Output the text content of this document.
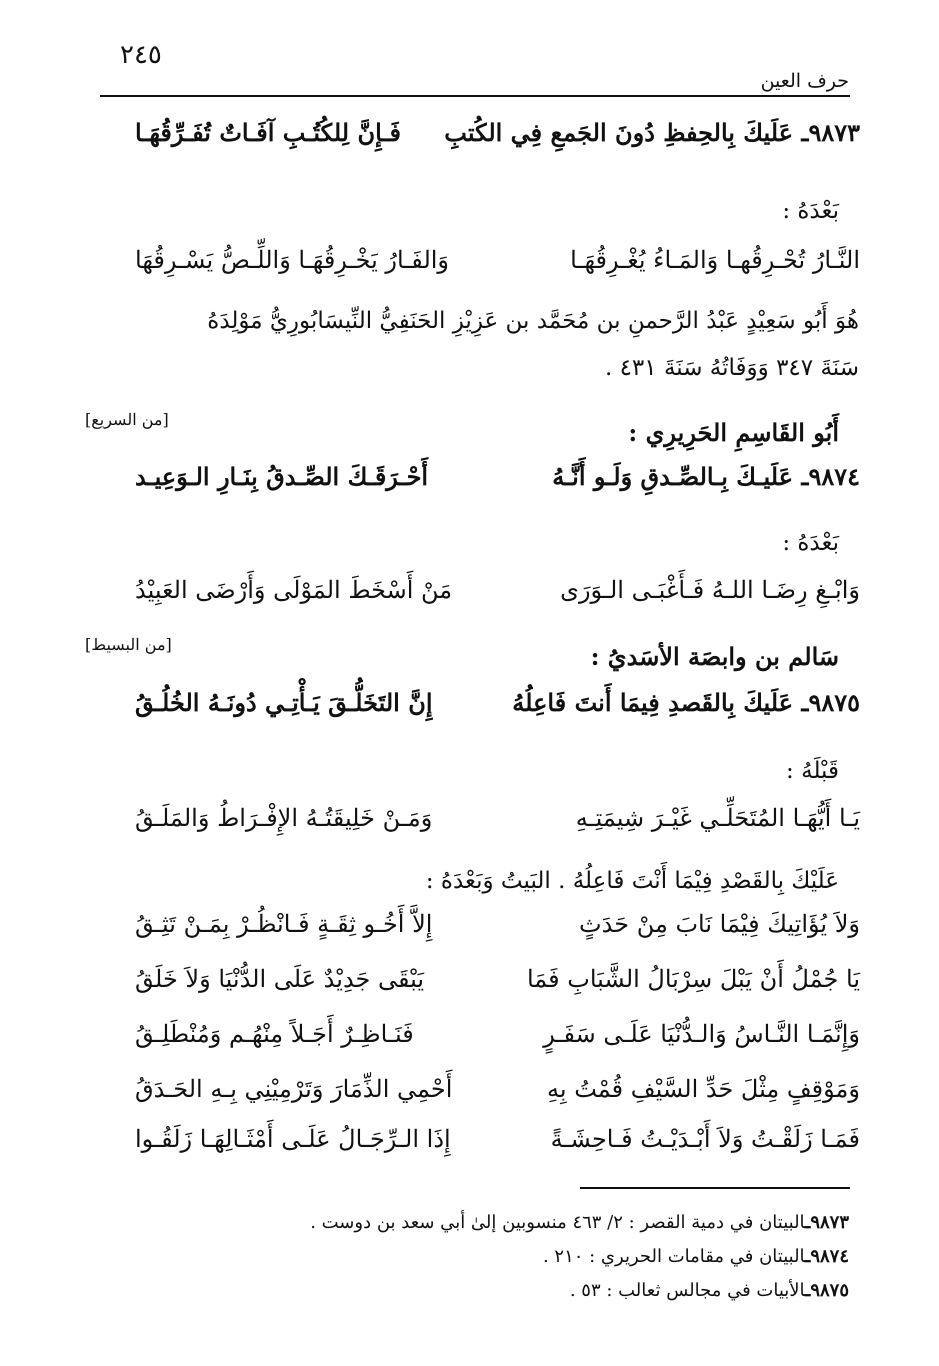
٢٤٥
حرف العين
٩٨٧٣ـ عَلَيكَ بِالحِفظِ دُونَ الجَمعِ فِي الكُتبِ
فَـإِنَّ لِلكُتُـبِ آفَـاتٌ تُفَـرِّقُهَـا
بَعْدَهُ :
النَّـارُ تُحْـرِقُهـا وَالمَـاءُ يُغْـرِقُهَـا
وَالفَـارُ يَخْـرِقُهَـا وَاللِّـصُّ يَسْـرِقُهَا
هُوَ أَبُو سَعِيْدٍ عَبْدُ الرَّحمنِ بن مُحَمَّد بن عَزِيْزِ الحَنَفِيُّ النِّيسَابُورِيُّ مَوْلِدَهُ
سَنَةَ ٣٤٧ وَوَفَاتُهُ سَنَةَ ٤٣١ .
[من السريع]	أَبُو القَاسِمِ الحَرِيرِي :
٩٨٧٤ـ عَلَيـكَ بِـالصِّـدقِ وَلَـو أَنَّـهُ
أَحْـرَقَـكَ الصِّـدقُ بِنَـارِ الـوَعِيـد
بَعْدَهُ :
وَابْـغِ رِضَـا اللـهُ فَـأَغْبَـى الـوَرَى
مَنْ أَسْخَطَ المَوْلَى وَأَرْضَى العَبِيْدُ
[من البسيط]	سَالم بن وابصَة الأسَديُ :
٩٨٧٥ـ عَلَيكَ بِالقَصدِ فِيمَا أَنتَ فَاعِلُهُ
إِنَّ التَخَلُّـقَ يَـأْتِـي دُونَـهُ الخُلُـقُ
قَبْلَهُ :
يَـا أَيُّهَـا المُتَحَلِّـي غَيْـرَ شِيمَتِـهِ
وَمَـنْ خَلِيقَتُـهُ الإِفْـرَاطُ وَالمَلَـقُ
عَلَيْكَ بِالقَصْدِ فِيْمَا أَنْتَ فَاعِلُهُ . البَيتُ وَبَعْدَهُ :
وَلاَ يُؤَاتِيكَ فِيْمَا نَابَ مِنْ حَدَثٍ
إِلاَّ أَخُـو ثِقَـةٍ فَـانْظُـرْ بِمَـنْ تَثِـقُ
يَا جُمْلُ أَنْ يَبْلَ سِرْبَالُ الشَّبَابِ فَمَا
يَبْقَى جَدِيْدٌ عَلَى الدُّنْيَا وَلاَ خَلَقُ
وَإِنَّمَـا النَّـاسُ وَالـدُّنْيَا عَلَـى سَفَـرٍ
فَنَـاظِـرٌ أَجَـلاً مِنْهُـم وَمُنْطَلِـقُ
وَمَوْقِفٍ مِثْلَ حَدِّ السَّيْفِ قُمْتُ بِهِ
أَحْمِي الذِّمَارَ وَتَرْمِيْنِي بِـهِ الحَـدَقُ
فَمَـا زَلَقْـتُ وَلاَ أَبْـدَيْـتُ فَـاحِشَـةً
إِذَا الـرِّجَـالُ عَلَـى أَمْثَـالِهَـا زَلَقُـوا
٩٨٧٣ـالبيتان في دمية القصر : ٢/ ٤٦٣ منسوبين إلىٰ أبي سعد بن دوست .
٩٨٧٤ـالبيتان في مقامات الحريري : ٢١٠ .
٩٨٧٥ـالأبيات في مجالس ثعالب : ٥٣ .
